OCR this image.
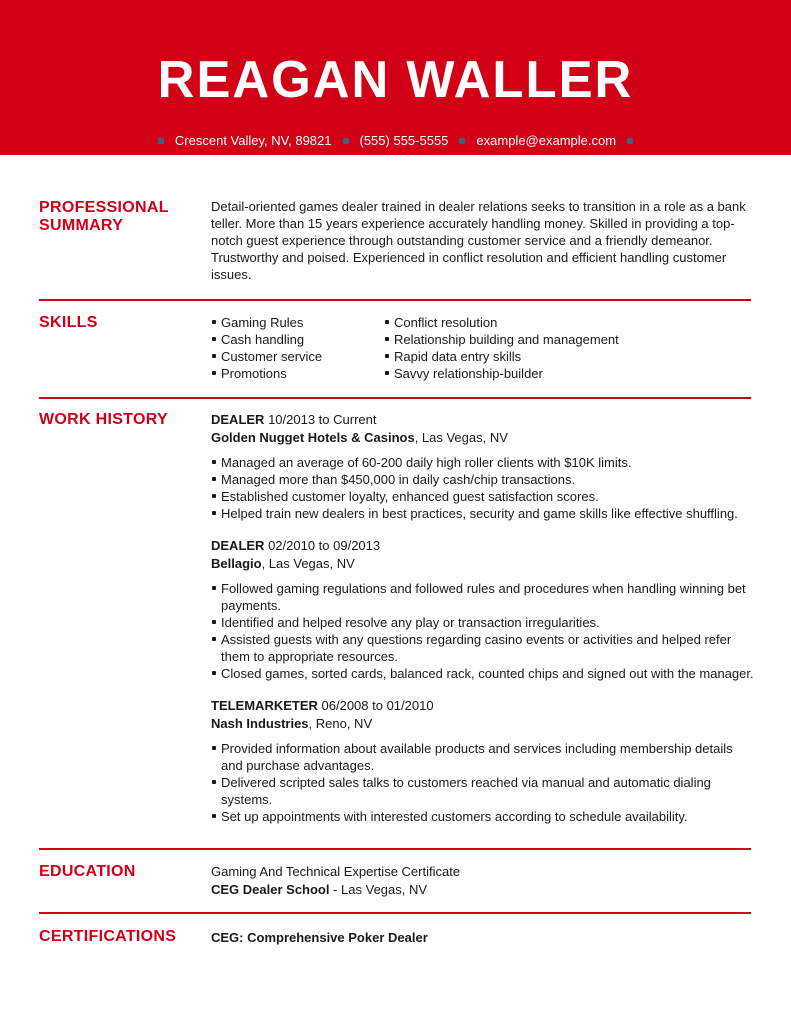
REAGAN WALLER
Crescent Valley, NV, 89821 (555) 555-5555 example@example.com
PROFESSIONAL
SUMMARY

Detail-oriented games dealer trained in dealer relations seeks to transition in a role as a bank teller. More than 15 years experience accurately handling money. Skilled in providing a top-notch guest experience through outstanding customer service and a friendly demeanor. Trustworthy and poised. Experienced in conflict resolution and efficient handling customer issues.

SKILLS	Gaming Rules
Cash handling
Customer service
Promotions
Conflict resolution
Relationship building and management
Rapid data entry skills
Savvy relationship-builder
WORK HISTORY	DEALER 10/2013 to Current
Golden Nugget Hotels & Casinos, Las Vegas, NV
Managed an average of 60-200 daily high roller clients with $10K limits.
Managed more than $450,000 in daily cash/chip transactions.
Established customer loyalty, enhanced guest satisfaction scores.
Helped train new dealers in best practices, security and game skills like effective shuffling.
DEALER 02/2010 to 09/2013
Bellagio, Las Vegas, NV
Followed gaming regulations and followed rules and procedures when handling winning bet payments.
Identified and helped resolve any play or transaction irregularities.
Assisted guests with any questions regarding casino events or activities and helped refer them to appropriate resources.
Closed games, sorted cards, balanced rack, counted chips and signed out with the manager.
TELEMARKETER 06/2008 to 01/2010
Nash Industries, Reno, NV
Provided information about available products and services including membership details and purchase advantages.
Delivered scripted sales talks to customers reached via manual and automatic dialing systems.
Set up appointments with interested customers according to schedule availability.
EDUCATION	Gaming And Technical Expertise Certificate
CEG Dealer School - Las Vegas, NV
CERTIFICATIONS	CEG: Comprehensive Poker Dealer
